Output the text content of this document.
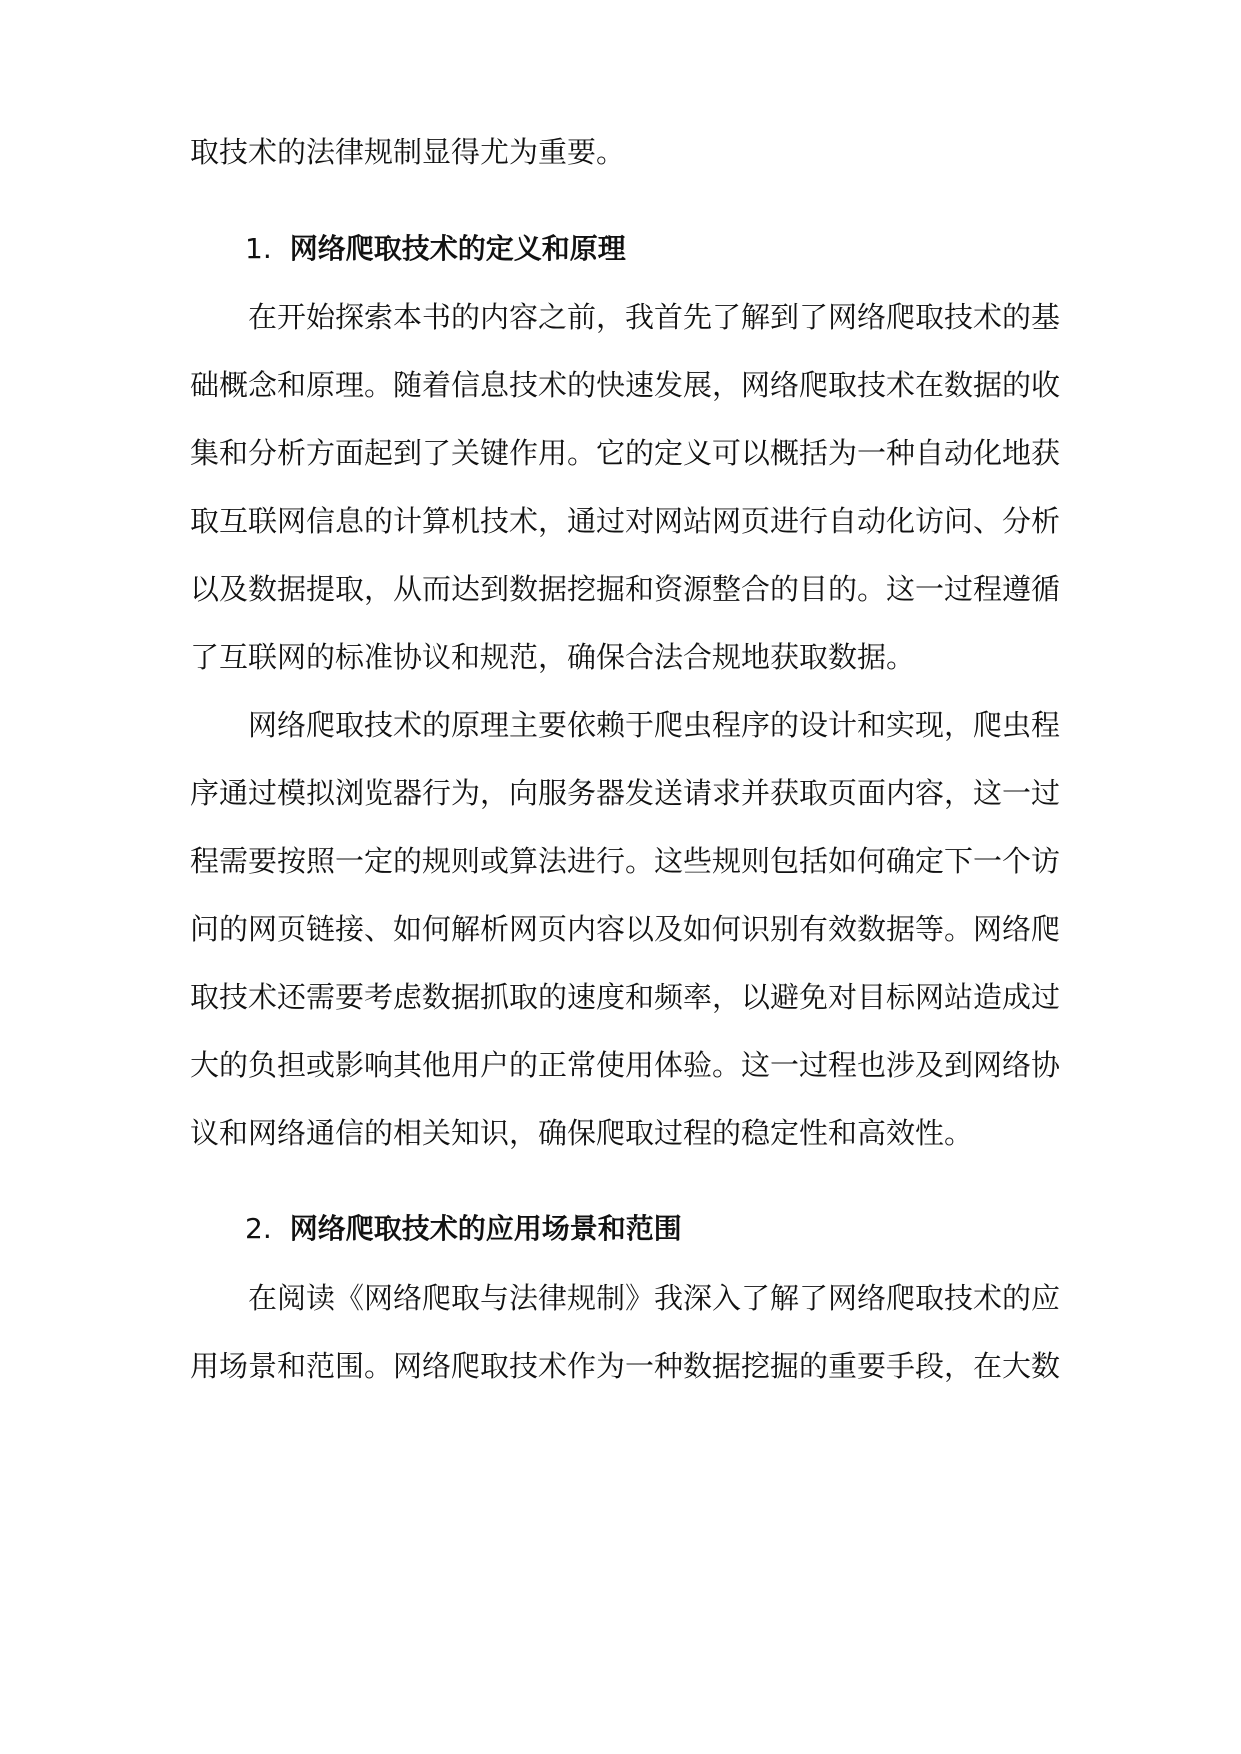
取技术的法律规制显得尤为重要。
1. 网络爬取技术的定义和原理
在开始探索本书的内容之前，我首先了解到了网络爬取技术的基
础概念和原理。随着信息技术的快速发展，网络爬取技术在数据的收
集和分析方面起到了关键作用。它的定义可以概括为一种自动化地获
取互联网信息的计算机技术，通过对网站网页进行自动化访问、分析
以及数据提取，从而达到数据挖掘和资源整合的目的。这一过程遵循
了互联网的标准协议和规范，确保合法合规地获取数据。
网络爬取技术的原理主要依赖于爬虫程序的设计和实现，爬虫程
序通过模拟浏览器行为，向服务器发送请求并获取页面内容，这一过
程需要按照一定的规则或算法进行。这些规则包括如何确定下一个访
问的网页链接、如何解析网页内容以及如何识别有效数据等。网络爬
取技术还需要考虑数据抓取的速度和频率，以避免对目标网站造成过
大的负担或影响其他用户的正常使用体验。这一过程也涉及到网络协
议和网络通信的相关知识，确保爬取过程的稳定性和高效性。
2. 网络爬取技术的应用场景和范围
在阅读《网络爬取与法律规制》我深入了解了网络爬取技术的应
用场景和范围。网络爬取技术作为一种数据挖掘的重要手段，在大数
